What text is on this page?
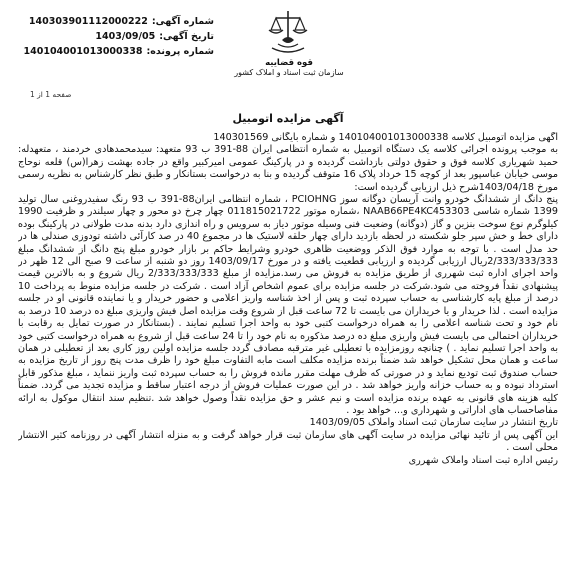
شماره آگهی:
140303901112000222
تاریخ آگهی:
1403/09/05
شماره پرونده:
140104001013000338
قوه قضاییه
سازمان ثبت اسناد و املاک کشور
صفحه 1 از 1
آگهی مزایده اتومبیل

آگهی مزایده اتومبیل کلاسه 140104001013000338 و شماره بایگانی 140301569

به موجب پرونده اجرائی کلاسه یک دستگاه اتومبیل به شماره انتظامی ایران 88-391 ب 93 متعهد: سیدمحمدهادی خردمند ، متعهدله: حمید شهریاری کلاسه فوق و حقوق دولتی بازداشت گردیده و در پارکینگ عمومی امیرکبیر واقع در جاده بهشت زهرا(س) قلعه نوحاج موسی خیابان عباسپور بعد از کوچه 15 خرداد پلاک 16 متوقف گردیده و بنا به درخواست بستانکار و طبق نظر کارشناس به نظریه رسمی مورخ 1403/04/18شرح ذیل ارزیابی گردیده است:

پنج دانگ از ششدانگ خودرو وانت آریسان دوگانه سوز PCIOHNG ، شماره انتظامی ایران88-391 ب 93 رنگ سفیدروغنی سال تولید 1399 شماره شاسی NAAB66PE4KC453303 ،شماره موتور 011815021722 چهار چرخ دو محور و چهار سیلندر و ظرفیت 1990 کیلوگرم نوع سوخت بنزین و گاز (دوگانه) وضعیت فنی وسیله موتور دیاز به سرویس و راه اندازی دارد بدنه مدت طولانی در پارکینگ بوده دارای خط و خش سپر جلو شکسته در لحظه بازدید دارای چهار حلقه لاستیک ها در مجموع 40 در صد کارآئی داشته تودوزی صندلی ها در حد مدل است . با توجه به موارد فوق الذکر ووضعیت ظاهری خودرو وشرایط حاکم بر بازار خودرو مبلغ پنج دانگ از ششدانگ مبلغ 2/333/333/333ریال ارزیابی گردیده و ارزیابی قطعیت یافته و در مورخ 1403/09/17 روز دو شنبه از ساعت 9 صبح الی 12 ظهر در واحد اجرای اداره ثبت شهرری از طریق مزایده به فروش می رسد.مزایده از مبلغ 2/333/333/333 ریال شروع و به بالاترین قیمت پیشنهادی نقداً فروخته می شود.شرکت در جلسه مزایده برای عموم اشخاص آزاد است . شرکت در جلسه مزایده منوط به پرداخت 10 درصد از مبلغ پایه کارشناسی به حساب سپرده ثبت و پس از اخذ شناسه واریز اعلامی و حضور خریدار و یا نماینده قانونی او در جلسه مزایده است . لذا خریدار و یا خریداران می بایست تا 72 ساعت قبل از شروع وقت مزایده اصل فیش واریزی مبلغ ده درصد 10 درصد به نام خود و تحت شناسه اعلامی را به همراه درخواست کتبی خود به واحد اجرا تسلیم نمایند . (بستانکار در صورت تمایل به رقابت با خریداران احتمالی می بایست فیش واریزی مبلغ ده درصد مذکوره به نام خود را تا 24 ساعت قبل از شروع به همراه درخواست کتبی خود به واحد اجرا تسلیم نماید . ) چنانچه روزمزایده با تعطیلی غیر مترقبه مصادف گردد جلسه مزایده اولین روز کاری بعد از تعطیلی در همان ساعت و همان محل تشکیل خواهد شد ضمناً برنده مزایده مکلف است مابه التفاوت مبلغ خود را ظرف مدت پنج روز از تاریخ مزایده به حساب صندوق ثبت تودیع نماید و در صورتی که ظرف مهلت مقرر مانده فروش را به حساب سپرده ثبت واریز ننماید ، مبلغ مذکور قابل استرداد نبوده و به حساب خزانه واریز خواهد شد . در این صورت عملیات فروش از درجه اعتبار ساقط و مزایده تجدید می گردد. ضمناً کلیه هزینه های قانونی به عهده برنده مزایده است و نیم عشر و حق مزایده نقداً وصول خواهد شد .تنظیم سند انتقال موکول به ارائه مفاصاحساب های اداراتی و شهرداری و... خواهد بود .

تاریخ انتشار در سایت سازمان ثبت اسناد واملاک 1403/09/05

این آگهی پس از تائید نهائی مزایده در سایت آگهی های سازمان ثبت قرار خواهد گرفت و به منزله انتشار آگهی در روزنامه کثیر الانتشار محلی است .

رئیس اداره ثبت اسناد واملاک شهرری
